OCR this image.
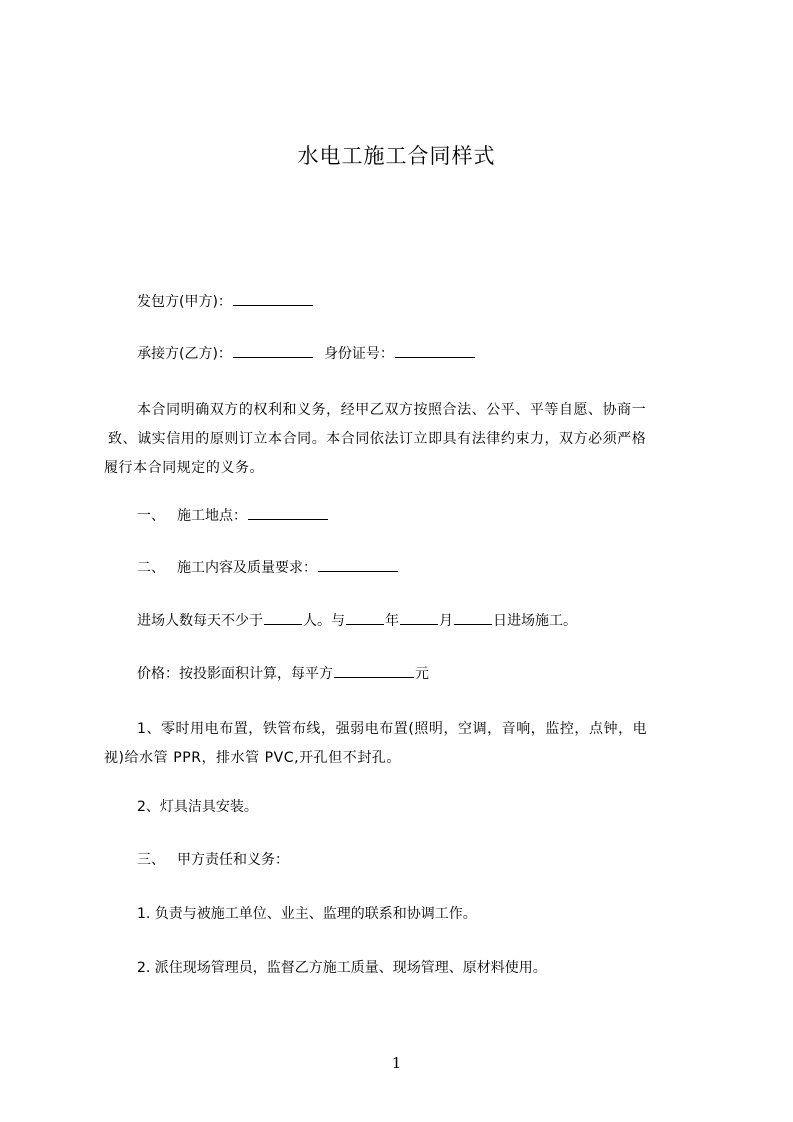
水电工施工合同样式
发包方(甲方)：
承接方(乙方)：	身份证号：
本合同明确双方的权利和义务，经甲乙双方按照合法、公平、平等自愿、协商一
致、诚实信用的原则订立本合同。本合同依法订立即具有法律约束力，双方必须严格
履行本合同规定的义务。
一、 施工地点：
二、 施工内容及质量要求：
进场人数每天不少于	人。与	年	月	日进场施工。
价格：按投影面积计算，每平方	元
1、零时用电布置，铁管布线，强弱电布置(照明，空调，音响，监控，点钟，电
视)给水管 PPR，排水管 PVC,开孔但不封孔。
2、灯具洁具安装。
三、 甲方责任和义务：
1. 负责与被施工单位、业主、监理的联系和协调工作。
2. 派住现场管理员，监督乙方施工质量、现场管理、原材料使用。
1
